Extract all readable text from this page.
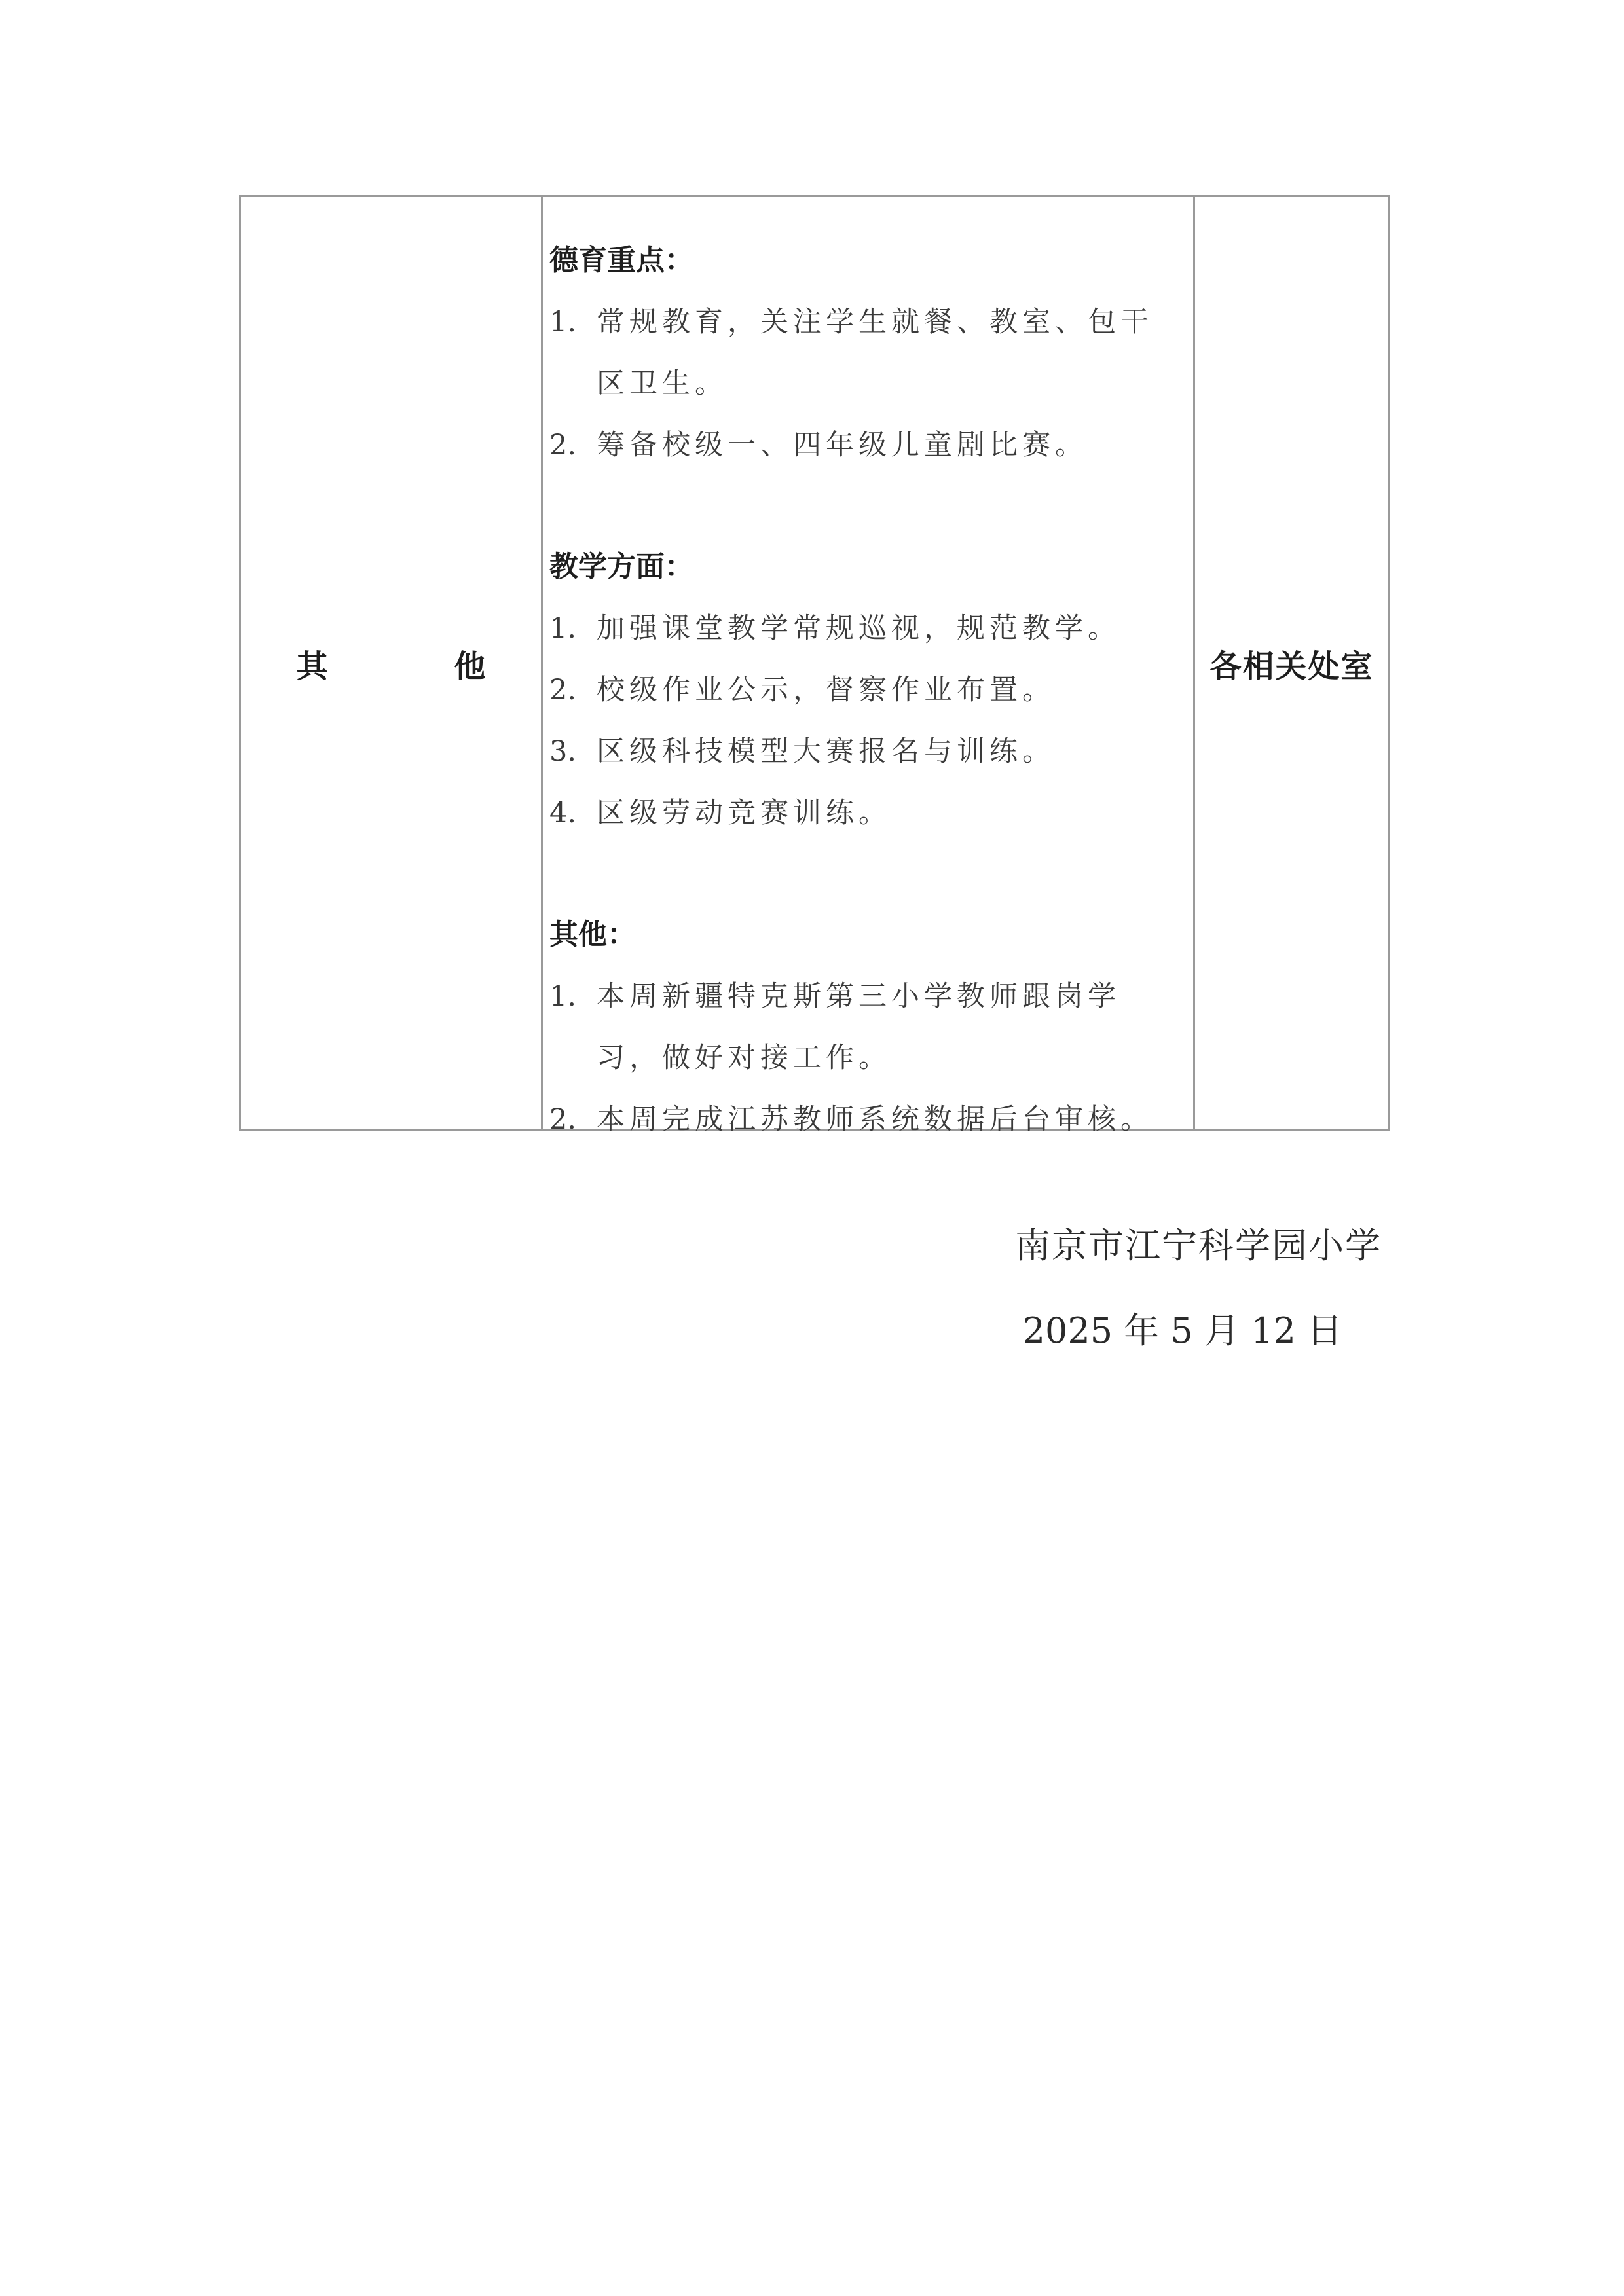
其 他
德育重点：
1. 常规教育，关注学生就餐、教室、包干区卫生。
2. 筹备校级一、四年级儿童剧比赛。
教学方面：
1. 加强课堂教学常规巡视，规范教学。
2. 校级作业公示，督察作业布置。
3. 区级科技模型大赛报名与训练。
4. 区级劳动竞赛训练。
其他：
1. 本周新疆特克斯第三小学教师跟岗学习，做好对接工作。
2. 本周完成江苏教师系统数据后台审核。
各相关处室
南京市江宁科学园小学
2025 年 5 月 12 日
